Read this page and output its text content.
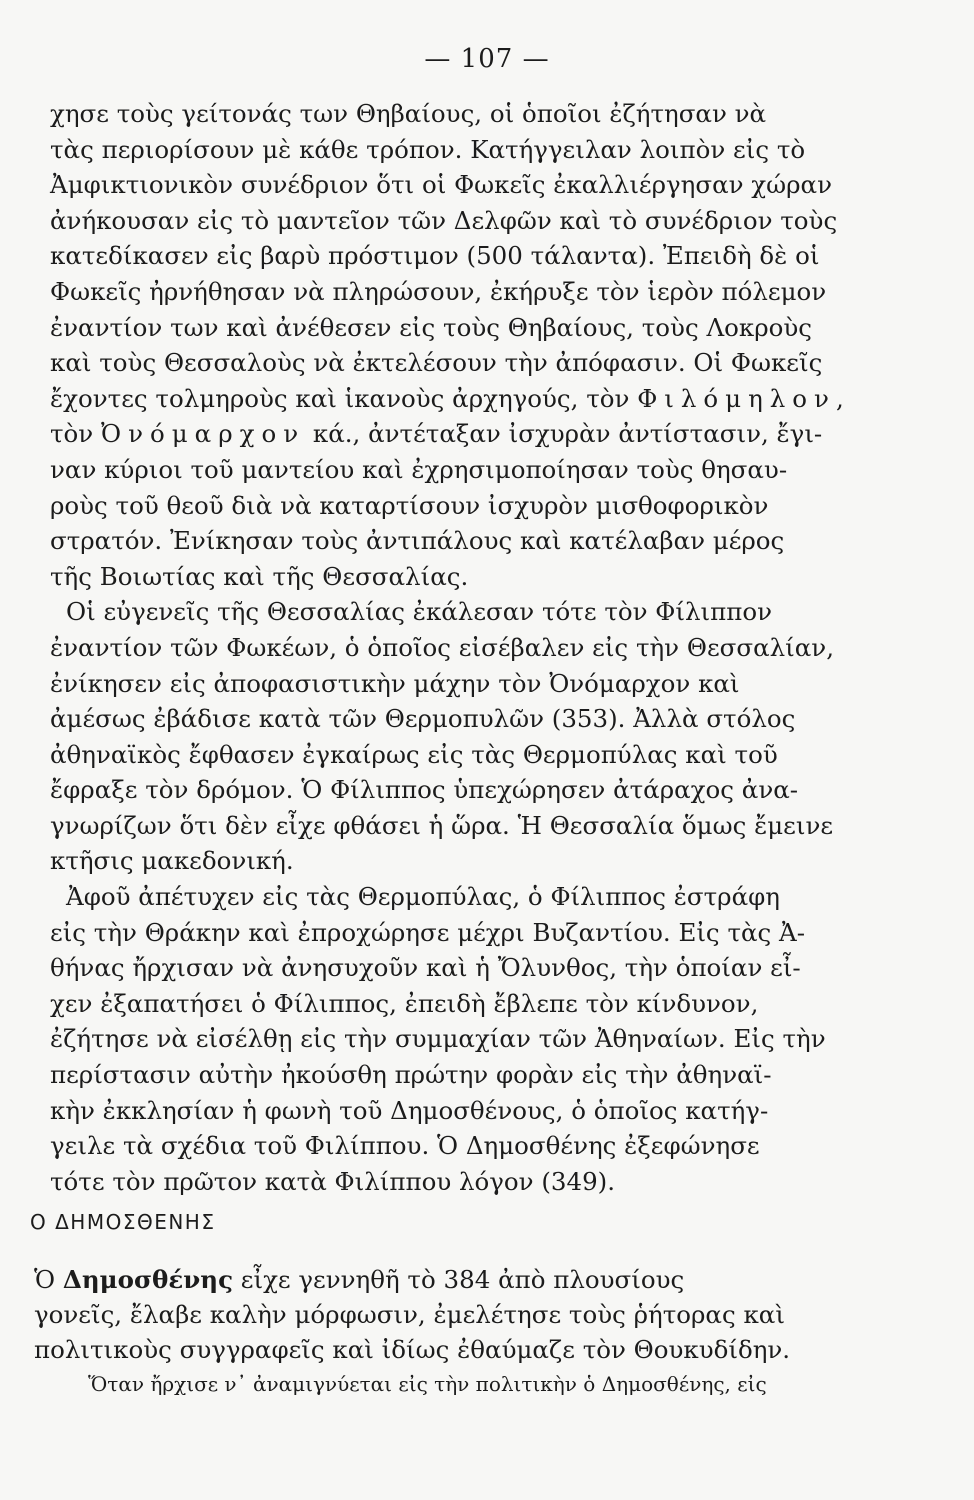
— 107 —
χησε τοὺς γείτονάς των Θηβαίους, οἱ ὁποῖοι ἐζήτησαν νὰ
τὰς περιορίσουν μὲ κάθε τρόπον. Κατήγγειλαν λοιπὸν εἰς τὸ
Ἀμφικτιονικὸν συνέδριον ὅτι οἱ Φωκεῖς ἐκαλλιέργησαν χώραν
ἀνήκουσαν εἰς τὸ μαντεῖον τῶν Δελφῶν καὶ τὸ συνέδριον τοὺς
κατεδίκασεν εἰς βαρὺ πρόστιμον (500 τάλαντα). Ἐπειδὴ δὲ οἱ
Φωκεῖς ἠρνήθησαν νὰ πληρώσουν, ἐκήρυξε τὸν ἱερὸν πόλεμον
ἐναντίον των καὶ ἀνέθεσεν εἰς τοὺς Θηβαίους, τοὺς Λοκροὺς
καὶ τοὺς Θεσσαλοὺς νὰ ἐκτελέσουν τὴν ἀπόφασιν. Οἱ Φωκεῖς
ἔχοντες τολμηροὺς καὶ ἱκανοὺς ἀρχηγούς, τὸν Φιλόμηλον,
τὸν Ὀνόμαρχον κά., ἀντέταξαν ἰσχυρὰν ἀντίστασιν, ἔγι-
ναν κύριοι τοῦ μαντείου καὶ ἐχρησιμοποίησαν τοὺς θησαυ-
ροὺς τοῦ θεοῦ διὰ νὰ καταρτίσουν ἰσχυρὸν μισθοφορικὸν
στρατόν. Ἐνίκησαν τοὺς ἀντιπάλους καὶ κατέλαβαν μέρος
τῆς Βοιωτίας καὶ τῆς Θεσσαλίας.
Οἱ εὐγενεῖς τῆς Θεσσαλίας ἐκάλεσαν τότε τὸν Φίλιππον
ἐναντίον τῶν Φωκέων, ὁ ὁποῖος εἰσέβαλεν εἰς τὴν Θεσσαλίαν,
ἐνίκησεν εἰς ἀποφασιστικὴν μάχην τὸν Ὀνόμαρχον καὶ
ἀμέσως ἐβάδισε κατὰ τῶν Θερμοπυλῶν (353). Ἀλλὰ στόλος
ἀθηναϊκὸς ἔφθασεν ἐγκαίρως εἰς τὰς Θερμοπύλας καὶ τοῦ
ἔφραξε τὸν δρόμον. Ὁ Φίλιππος ὑπεχώρησεν ἀτάραχος ἀνα-
γνωρίζων ὅτι δὲν εἶχε φθάσει ἡ ὥρα. Ἡ Θεσσαλία ὅμως ἔμεινε
κτῆσις μακεδονική.
Ἀφοῦ ἀπέτυχεν εἰς τὰς Θερμοπύλας, ὁ Φίλιππος ἐστράφη
εἰς τὴν Θράκην καὶ ἐπροχώρησε μέχρι Βυζαντίου. Εἰς τὰς Ἀ-
θήνας ἤρχισαν νὰ ἀνησυχοῦν καὶ ἡ Ὄλυνθος, τὴν ὁποίαν εἶ-
χεν ἐξαπατήσει ὁ Φίλιππος, ἐπειδὴ ἔβλεπε τὸν κίνδυνον,
ἐζήτησε νὰ εἰσέλθῃ εἰς τὴν συμμαχίαν τῶν Ἀθηναίων. Εἰς τὴν
περίστασιν αὐτὴν ἠκούσθη πρώτην φορὰν εἰς τὴν ἀθηναϊ-
κὴν ἐκκλησίαν ἡ φωνὴ τοῦ Δημοσθένους, ὁ ὁποῖος κατήγ-
γειλε τὰ σχέδια τοῦ Φιλίππου. Ὁ Δημοσθένης ἐξεφώνησε
τότε τὸν πρῶτον κατὰ Φιλίππου λόγον (349).
Ο ΔΗΜΟΣΘΕΝΗΣ
Ὁ Δημοσθένης εἶχε γεννηθῆ τὸ 384 ἀπὸ πλουσίους
γονεῖς, ἔλαβε καλὴν μόρφωσιν, ἐμελέτησε τοὺς ῥήτορας καὶ
πολιτικοὺς συγγραφεῖς καὶ ἰδίως ἐθαύμαζε τὸν Θουκυδίδην.
Ὅταν ἤρχισε ν᾿ ἀναμιγνύεται εἰς τὴν πολιτικὴν ὁ Δημοσθένης, εἰς
